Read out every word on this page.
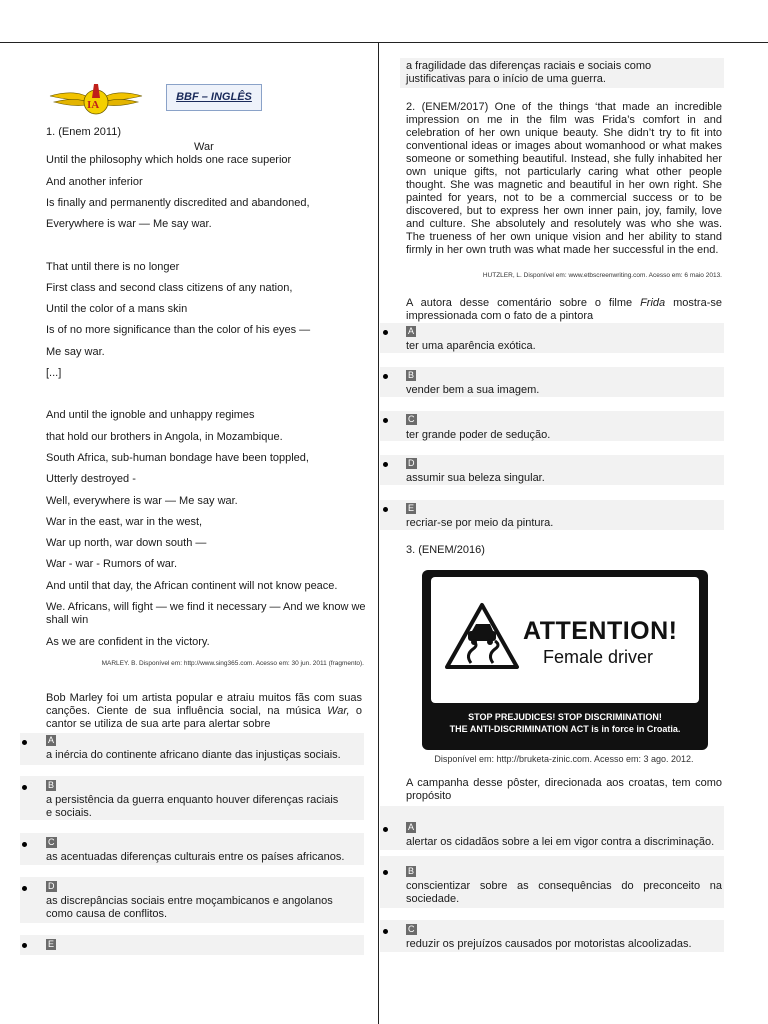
IA
BBF – INGLÊS
1. (Enem 2011)
War
Until the philosophy which holds one race superior
And another inferior
Is finally and permanently discredited and abandoned,
Everywhere is war — Me say war.
That until there is no longer
First class and second class citizens of any nation,
Until the color of a mans skin
Is of no more significance than the color of his eyes —
Me say war.
[...]
And until the ignoble and unhappy regimes
that hold our brothers in Angola, in Mozambique.
South Africa, sub-human bondage have been toppled,
Utterly destroyed -
Well, everywhere is war — Me say war.
War in the east, war in the west,
War up north, war down south —
War - war - Rumors of war.
And until that day, the African continent will not know peace.
We. Africans, will fight — we find it necessary — And we know we
shall win
As we are confident in the victory.
MARLEY. B. Disponível em: http://www.sing365.com. Acesso em: 30 jun. 2011 (fragmento).
Bob Marley foi um artista popular e atraiu muitos fãs com suas canções. Ciente de sua influência social, na música War, o cantor se utiliza de sua arte para alertar sobre
A
a inércia do continente africano diante das injustiças sociais.
B
a persistência da guerra enquanto houver diferenças raciais e sociais.
C
as acentuadas diferenças culturais entre os países africanos.
D
as discrepâncias sociais entre moçambicanos e angolanos como causa de conflitos.
E
a fragilidade das diferenças raciais e sociais como justificativas para o início de uma guerra.
2. (ENEM/2017) One of the things ‘that made an incredible impression on me in the film was Frida’s comfort in and celebration of her own unique beauty. She didn’t try to fit into conventional ideas or images about womanhood or what makes someone or something beautiful. Instead, she fully inhabited her own unique gifts, not particularly caring what other people thought. She was magnetic and beautiful in her own right. She painted for years, not to be a commercial success or to be discovered, but to express her own inner pain, joy, family, love and culture. She absolutely and resolutely was who she was. The trueness of her own unique vision and her ability to stand firmly in her own truth was what made her successful in the end.
HUTZLER, L. Disponível em: www.etbscreenwriting.com. Acesso em: 6 maio 2013.
A autora desse comentário sobre o filme Frida mostra-se impressionada com o fato de a pintora
A
ter uma aparência exótica.
B
vender bem a sua imagem.
C
ter grande poder de sedução.
D
assumir sua beleza singular.
E
recriar-se por meio da pintura.
3. (ENEM/2016)
ATTENTION!
Female driver
STOP PREJUDICES! STOP DISCRIMINATION!
THE ANTI-DISCRIMINATION ACT is in force in Croatia.
Disponível em: http://bruketa-zinic.com. Acesso em: 3 ago. 2012.
A campanha desse pôster, direcionada aos croatas, tem como propósito
A
alertar os cidadãos sobre a lei em vigor contra a discriminação.
B
conscientizar sobre as consequências do preconceito na sociedade.
C
reduzir os prejuízos causados por motoristas alcoolizadas.
